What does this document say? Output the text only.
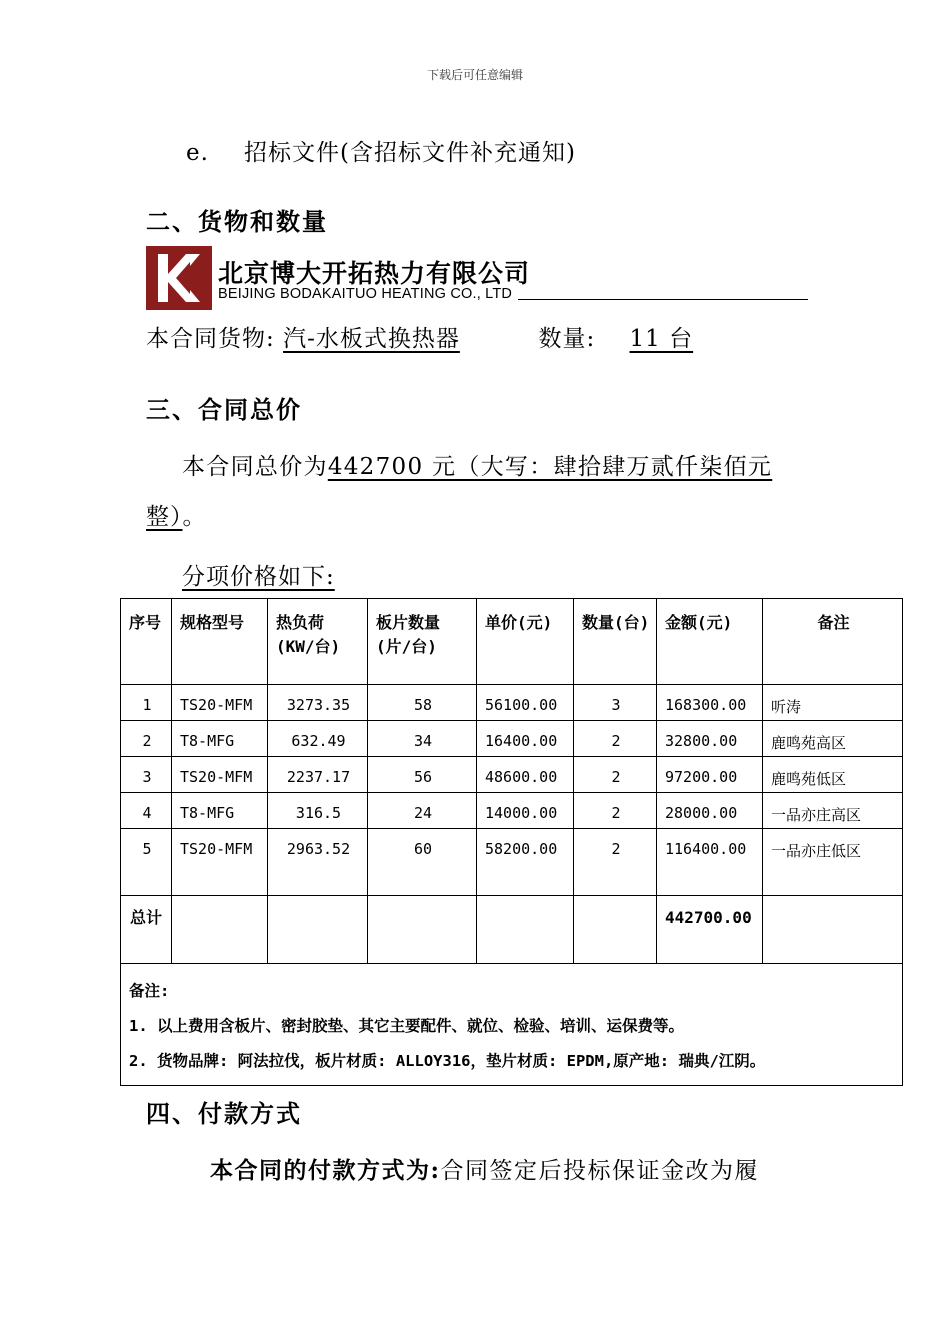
下载后可任意编辑
e. 招标文件(含招标文件补充通知)
二、货物和数量
北京博大开拓热力有限公司
BEIJING BODAKAITUO HEATING CO., LTD
本合同货物: 汽-水板式换热器	数量: 11 台
三、合同总价
本合同总价为442700 元（大写：肆拾肆万贰仟柒佰元
整）。
分项价格如下:
序号	规格型号	热负荷(KW/台)	板片数量(片/台)	单价(元)	数量(台)	金额(元)	备注
1	TS20-MFM	3273.35	58	56100.00	3	168300.00	听涛
2	T8-MFG	632.49	34	16400.00	2	32800.00	鹿鸣苑高区
3	TS20-MFM	2237.17	56	48600.00	2	97200.00	鹿鸣苑低区
4	T8-MFG	316.5	24	14000.00	2	28000.00	一品亦庄高区
5	TS20-MFM	2963.52	60	58200.00	2	116400.00	一品亦庄低区
总计						442700.00	

备注:
1. 以上费用含板片、密封胶垫、其它主要配件、就位、检验、培训、运保费等。
2. 货物品牌: 阿法拉伐，板片材质: ALLOY316，垫片材质: EPDM,原产地: 瑞典/江阴。							
四、付款方式
本合同的付款方式为:合同签定后投标保证金改为履
